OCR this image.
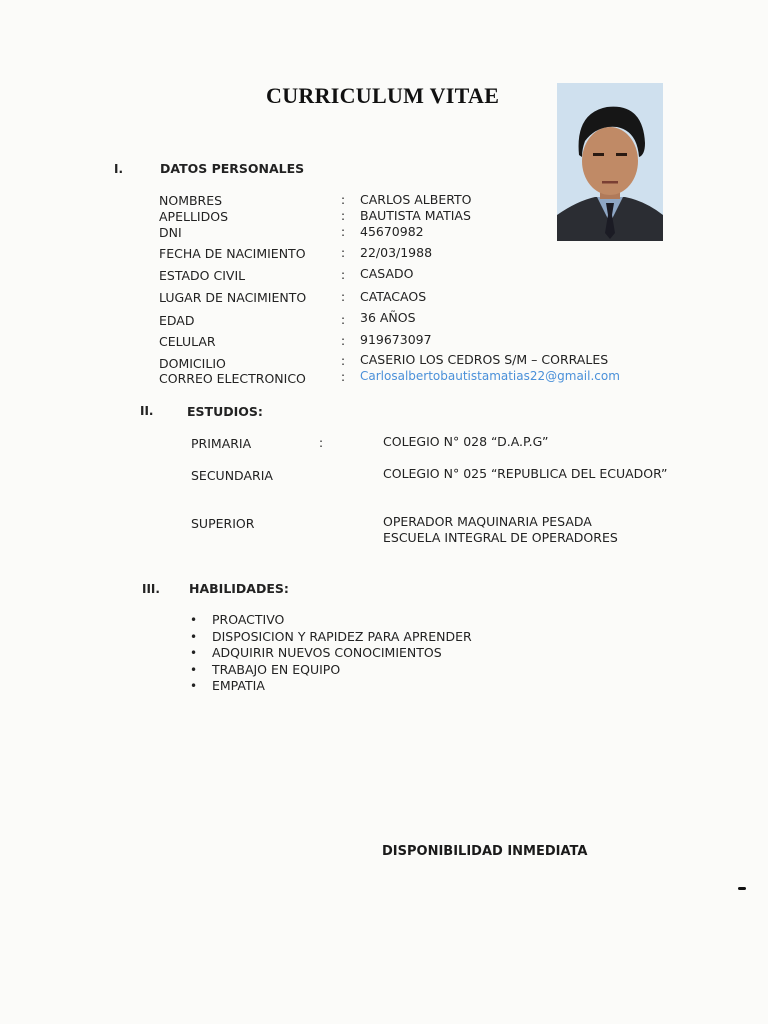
CURRICULUM VITAE
I.	DATOS PERSONALES
NOMBRES	: CARLOS ALBERTO
APELLIDOS	: BAUTISTA MATIAS
DNI	: 45670982
FECHA DE NACIMIENTO	: 22/03/1988
ESTADO CIVIL	: CASADO
LUGAR DE NACIMIENTO	: CATACAOS
EDAD	: 36 AÑOS
CELULAR	: 919673097
DOMICILIO	: CASERIO LOS CEDROS S/M – CORRALES
CORREO ELECTRONICO	: Carlosalbertobautistamatias22@gmail.com
II.	ESTUDIOS:
PRIMARIA	:	COLEGIO N° 028 “D.A.P.G”
SECUNDARIA	COLEGIO N° 025 “REPUBLICA DEL ECUADOR”
SUPERIOR	OPERADOR MAQUINARIA PESADA
ESCUELA INTEGRAL DE OPERADORES
III. HABILIDADES:
• PROACTIVO
• DISPOSICION Y RAPIDEZ PARA APRENDER
• ADQUIRIR NUEVOS CONOCIMIENTOS
• TRABAJO EN EQUIPO
• EMPATIA
DISPONIBILIDAD INMEDIATA
